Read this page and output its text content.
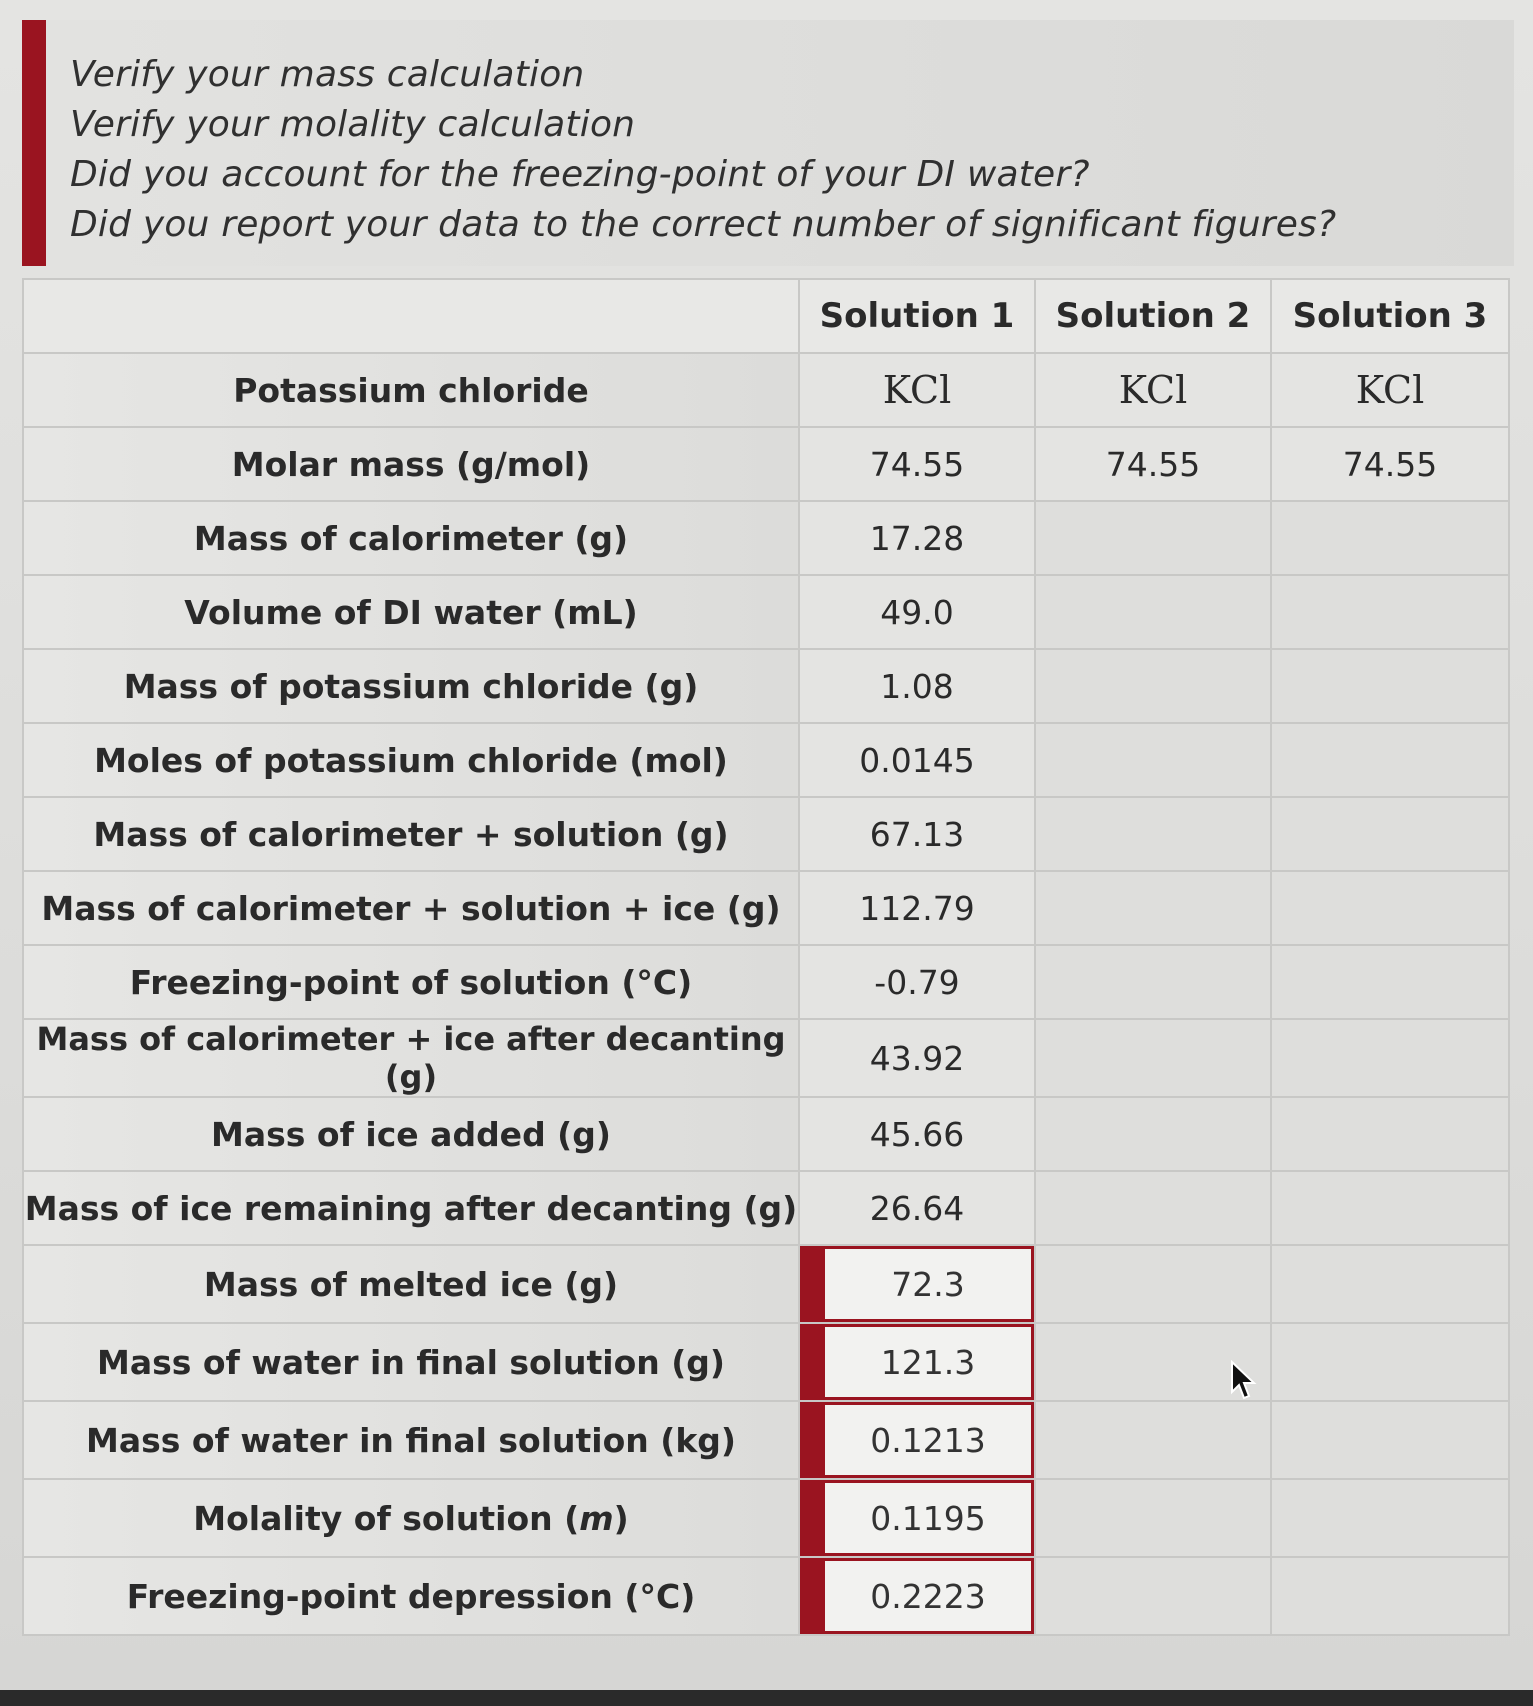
Verify your mass calculation
Verify your molality calculation
Did you account for the freezing-point of your DI water?
Did you report your data to the correct number of significant figures?
	Solution 1	Solution 2	Solution 3
Potassium chloride	KCl	KCl	KCl
Molar mass (g/mol)	74.55	74.55	74.55
Mass of calorimeter (g)	17.28		
Volume of DI water (mL)	49.0		
Mass of potassium chloride (g)	1.08		
Moles of potassium chloride (mol)	0.0145		
Mass of calorimeter + solution (g)	67.13		
Mass of calorimeter + solution + ice (g)	112.79		
Freezing-point of solution (°C)	-0.79		
Mass of calorimeter + ice after decanting (g)	43.92		
Mass of ice added (g)	45.66		
Mass of ice remaining after decanting (g)	26.64		
Mass of melted ice (g)	72.3		

Mass of water in final solution (g)	121.3		

Mass of water in final solution (kg)	0.1213		

Molality of solution (m)	0.1195		

Freezing-point depression (°C)	0.2223		
